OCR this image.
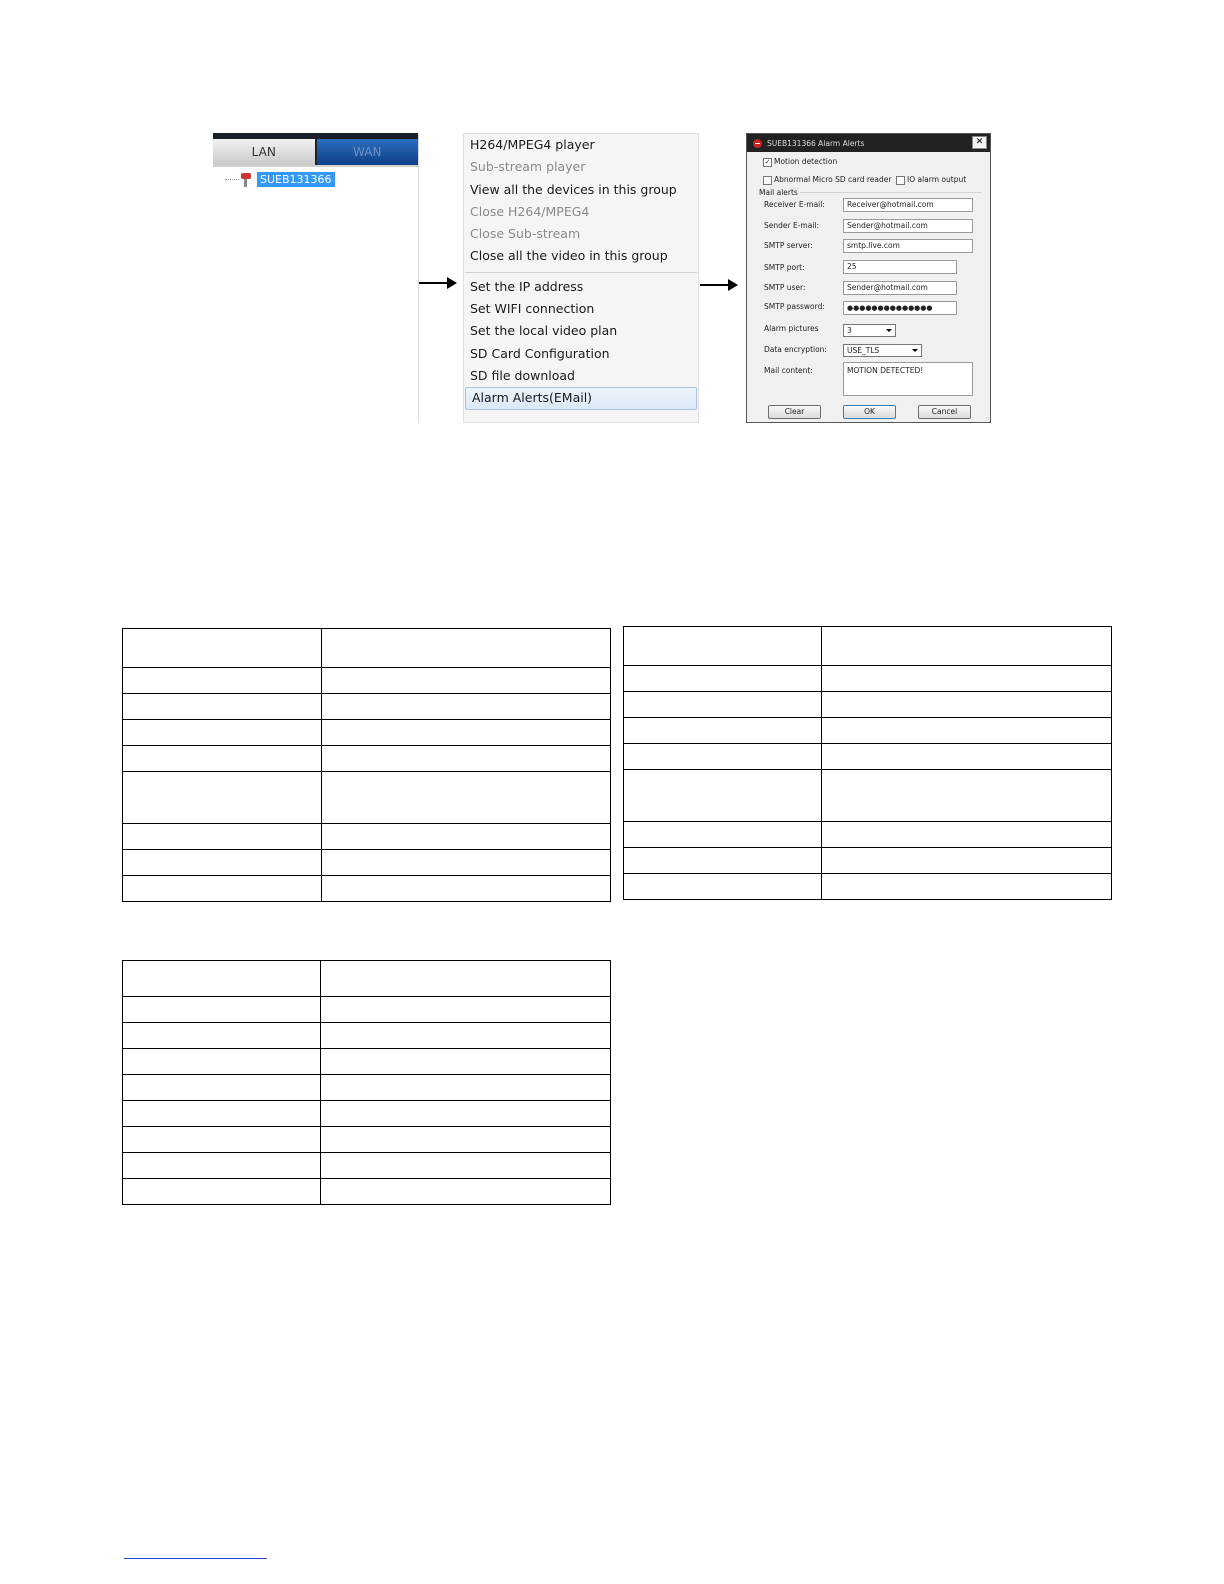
LAN	WAN
SUEB131366
H264/MPEG4 player
Sub-stream player
View all the devices in this group
Close H264/MPEG4
Close Sub-stream
Close all the video in this group
Set the IP address
Set WIFI connection
Set the local video plan
SD Card Configuration
SD file download
Alarm Alerts(EMail)
SUEB131366 Alarm Alerts	✕
✓ Motion detection
Abnormal Micro SD card reader	IO alarm output
Mail alerts
Receiver E-mail:	Receiver@hotmail.com
Sender E-mail:	Sender@hotmail.com
SMTP server:	smtp.live.com
SMTP port:	25
SMTP user:	Sender@hotmail.com
SMTP password:	●●●●●●●●●●●●●●
Alarm pictures	3
Data encryption:	USE_TLS
Mail content:	MOTION DETECTED!
Clear	OK	Cancel
